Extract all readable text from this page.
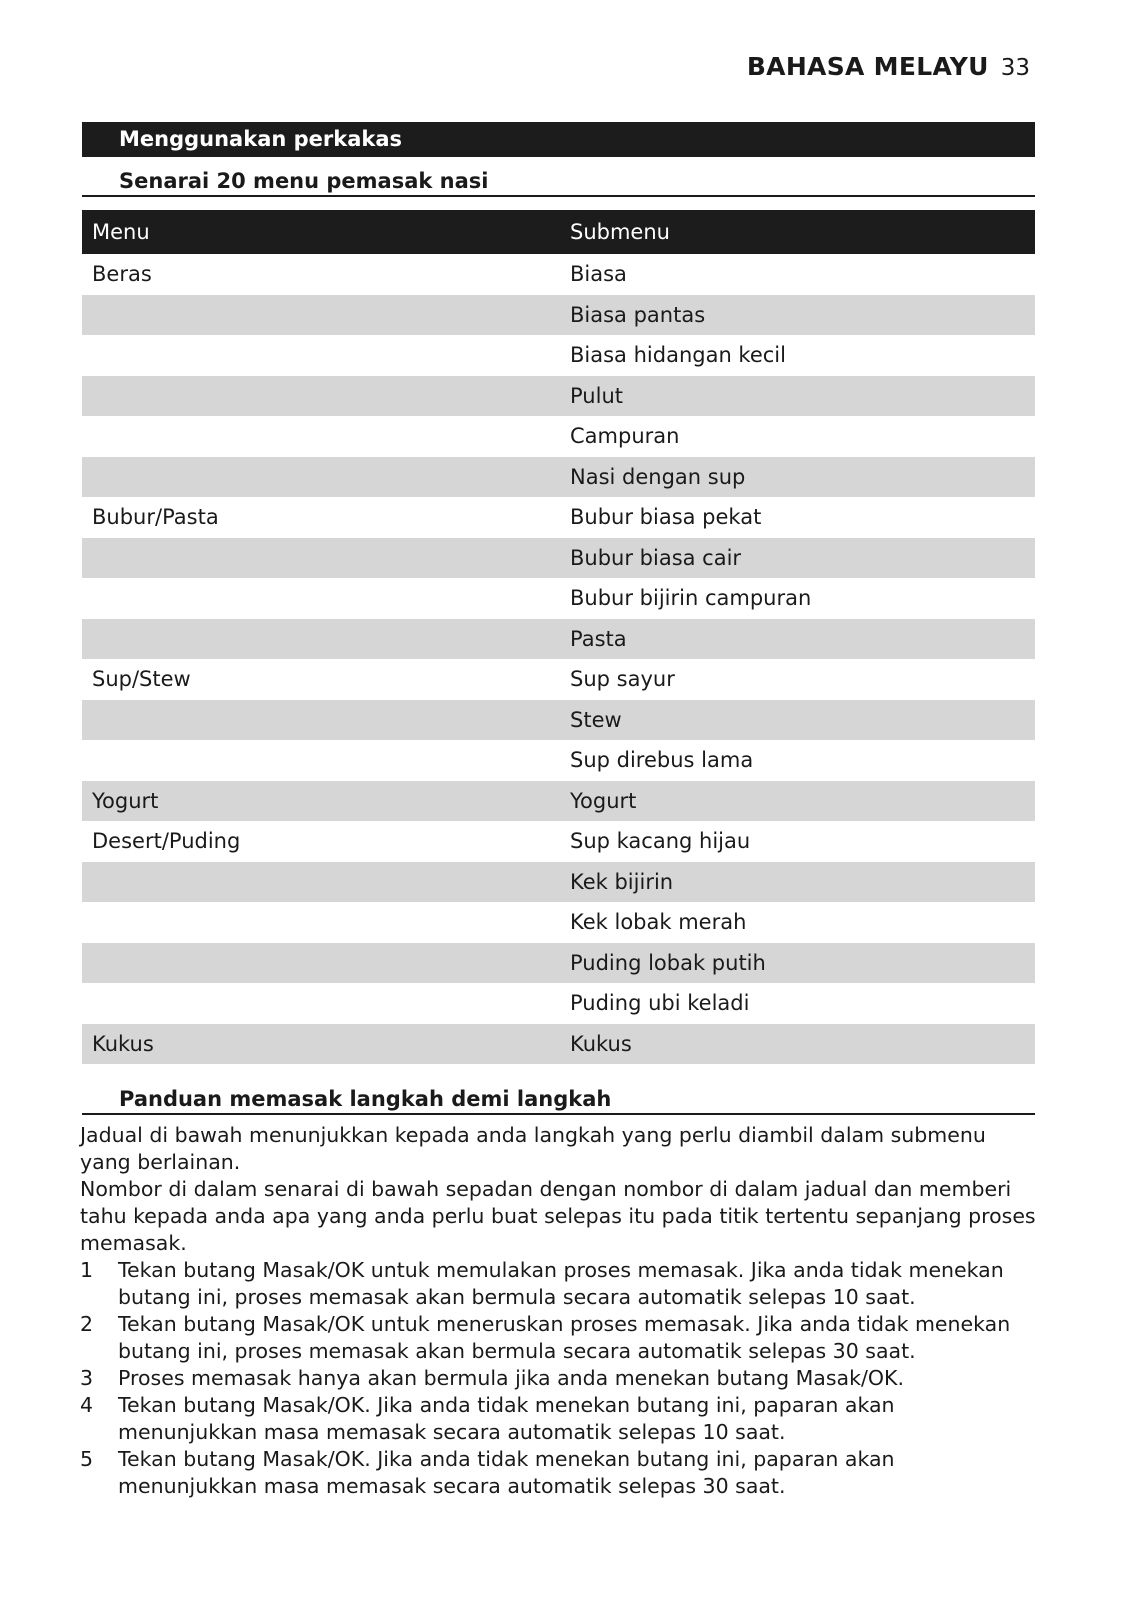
BAHASA MELAYU 33
Menggunakan perkakas
Senarai 20 menu pemasak nasi
Menu	Submenu
Beras	Biasa
	Biasa pantas
	Biasa hidangan kecil
	Pulut
	Campuran
	Nasi dengan sup
Bubur/Pasta	Bubur biasa pekat
	Bubur biasa cair
	Bubur bijirin campuran
	Pasta
Sup/Stew	Sup sayur
	Stew
	Sup direbus lama
Yogurt	Yogurt
Desert/Puding	Sup kacang hijau
	Kek bijirin
	Kek lobak merah
	Puding lobak putih
	Puding ubi keladi
Kukus	Kukus
Panduan memasak langkah demi langkah

Jadual di bawah menunjukkan kepada anda langkah yang perlu diambil dalam submenu yang berlainan.

Nombor di dalam senarai di bawah sepadan dengan nombor di dalam jadual dan memberi tahu kepada anda apa yang anda perlu buat selepas itu pada titik tertentu sepanjang proses memasak.

1	Tekan butang Masak/OK untuk memulakan proses memasak. Jika anda tidak menekan butang ini, proses memasak akan bermula secara automatik selepas 10 saat.
2	Tekan butang Masak/OK untuk meneruskan proses memasak. Jika anda tidak menekan butang ini, proses memasak akan bermula secara automatik selepas 30 saat.
3	Proses memasak hanya akan bermula jika anda menekan butang Masak/OK.
4	Tekan butang Masak/OK. Jika anda tidak menekan butang ini, paparan akan menunjukkan masa memasak secara automatik selepas 10 saat.
5	Tekan butang Masak/OK. Jika anda tidak menekan butang ini, paparan akan menunjukkan masa memasak secara automatik selepas 30 saat.
